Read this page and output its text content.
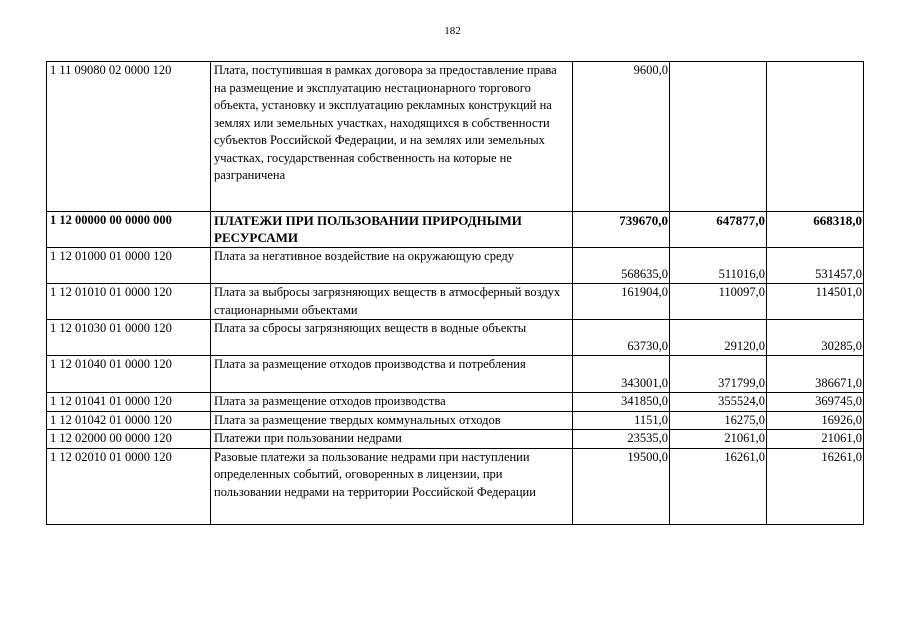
182
1 11 09080 02 0000 120	Плата, поступившая в рамках договора за предоставление права на размещение и эксплуатацию нестационарного торгового объекта, установку и эксплуатацию рекламных конструкций на землях или земельных участках, находящихся в собственности субъектов Российской Федерации, и на землях или земельных участках, государственная собственность на которые не разграничена	9600,0		
1 12 00000 00 0000 000	ПЛАТЕЖИ ПРИ ПОЛЬЗОВАНИИ ПРИРОДНЫМИ РЕСУРСАМИ	739670,0	647877,0	668318,0
1 12 01000 01 0000 120	Плата за негативное воздействие на окружающую среду	568635,0	511016,0	531457,0
1 12 01010 01 0000 120	Плата за выбросы загрязняющих веществ в атмосферный воздух стационарными объектами	161904,0	110097,0	114501,0
1 12 01030 01 0000 120	Плата за сбросы загрязняющих веществ в водные объекты	63730,0	29120,0	30285,0
1 12 01040 01 0000 120	Плата за размещение отходов производства и потребления	343001,0	371799,0	386671,0
1 12 01041 01 0000 120	Плата за размещение отходов производства	341850,0	355524,0	369745,0
1 12 01042 01 0000 120	Плата за размещение твердых коммунальных отходов	1151,0	16275,0	16926,0
1 12 02000 00 0000 120	Платежи при пользовании недрами	23535,0	21061,0	21061,0
1 12 02010 01 0000 120	Разовые платежи за пользование недрами при наступлении определенных событий, оговоренных в лицензии, при пользовании недрами на территории Российской Федерации	19500,0	16261,0	16261,0
